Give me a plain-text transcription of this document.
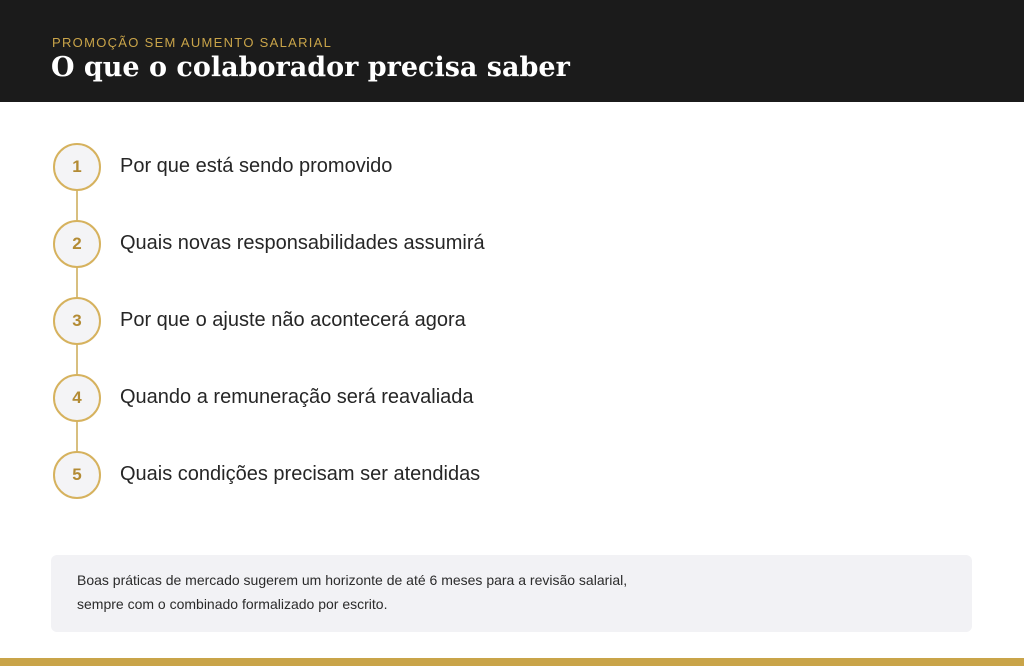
PROMOÇÃO SEM AUMENTO SALARIAL
O que o colaborador precisa saber
1	Por que está sendo promovido
2	Quais novas responsabilidades assumirá
3	Por que o ajuste não acontecerá agora
4	Quando a remuneração será reavaliada
5	Quais condições precisam ser atendidas
Boas práticas de mercado sugerem um horizonte de até 6 meses para a revisão salarial, sempre com o combinado formalizado por escrito.
